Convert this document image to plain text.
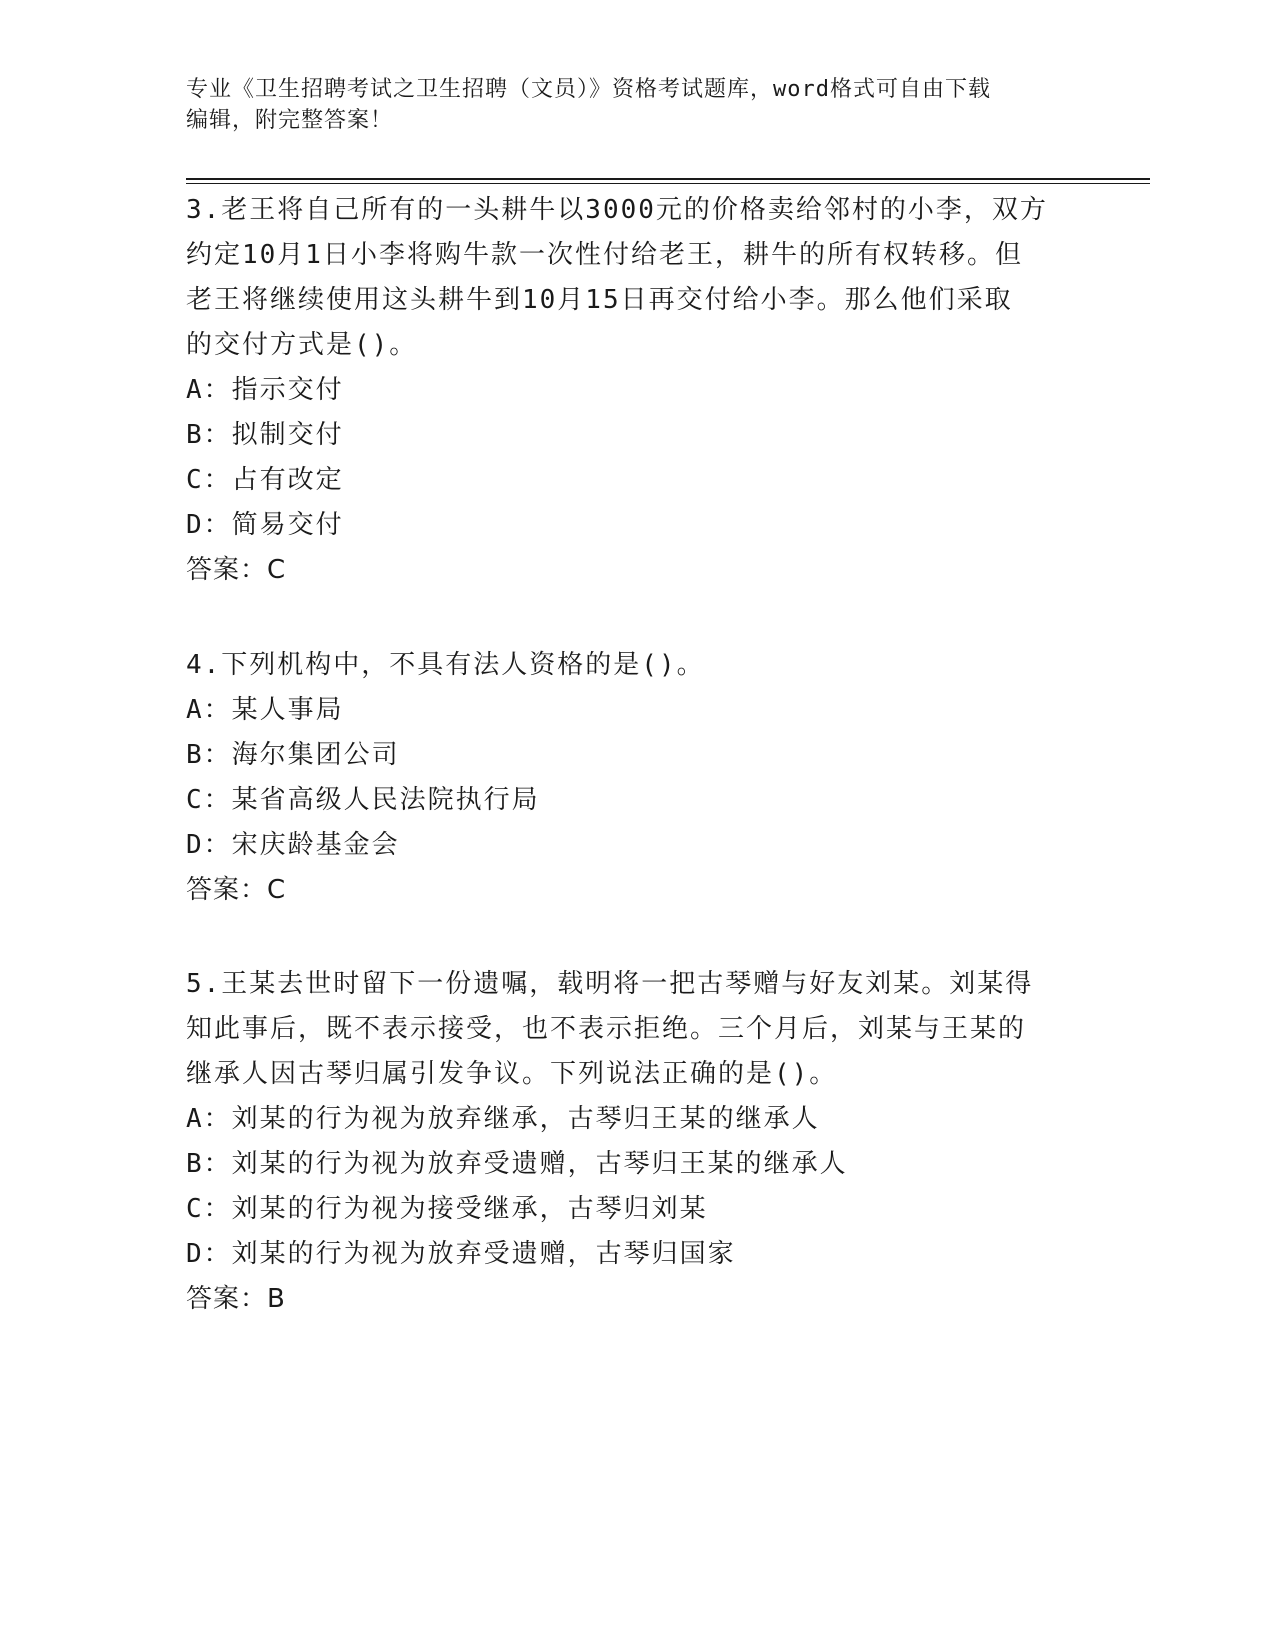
专业《卫生招聘考试之卫生招聘（文员）》资格考试题库，word格式可自由下载
编辑，附完整答案！
3.老王将自己所有的一头耕牛以3000元的价格卖给邻村的小李，双方
约定10月1日小李将购牛款一次性付给老王，耕牛的所有权转移。但
老王将继续使用这头耕牛到10月15日再交付给小李。那么他们采取
的交付方式是()。
A：指示交付
B：拟制交付
C：占有改定
D：简易交付
答案：C
4.下列机构中，不具有法人资格的是()。
A：某人事局
B：海尔集团公司
C：某省高级人民法院执行局
D：宋庆龄基金会
答案：C
5.王某去世时留下一份遗嘱，载明将一把古琴赠与好友刘某。刘某得
知此事后，既不表示接受，也不表示拒绝。三个月后，刘某与王某的
继承人因古琴归属引发争议。下列说法正确的是()。
A：刘某的行为视为放弃继承，古琴归王某的继承人
B：刘某的行为视为放弃受遗赠，古琴归王某的继承人
C：刘某的行为视为接受继承，古琴归刘某
D：刘某的行为视为放弃受遗赠，古琴归国家
答案：B
